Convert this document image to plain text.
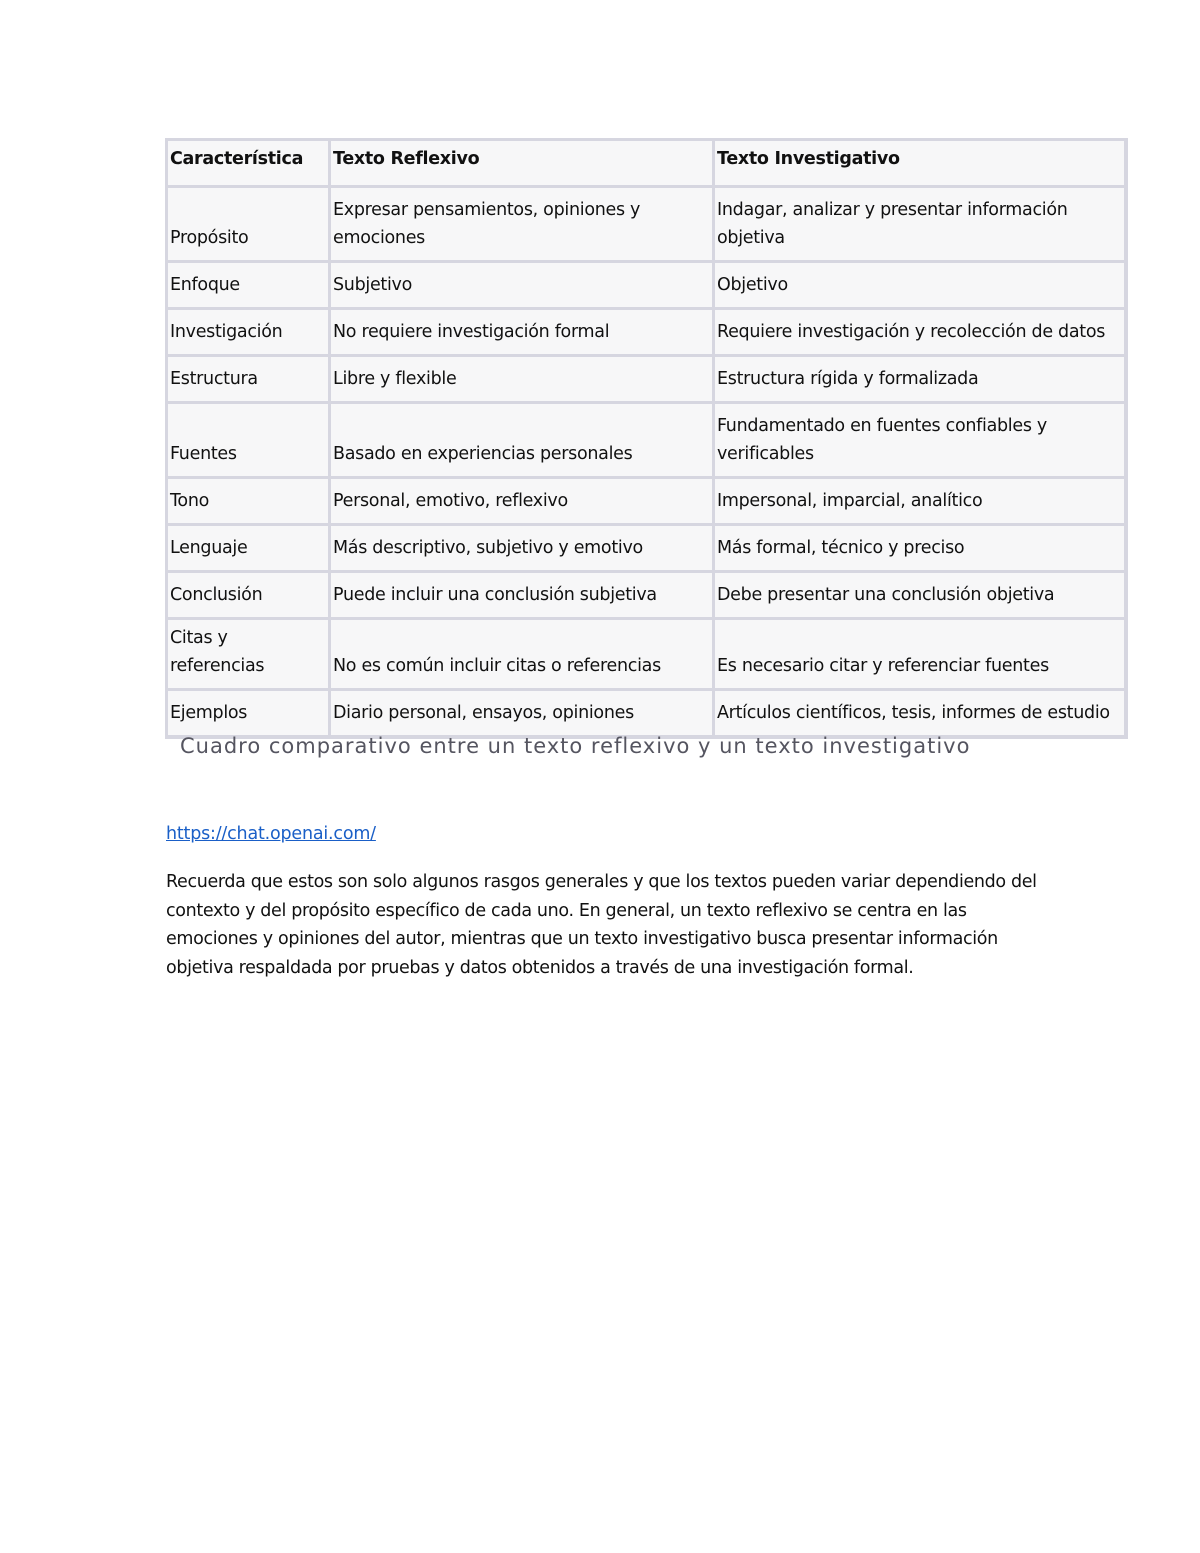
Característica	Texto Reflexivo	Texto Investigativo
Propósito	Expresar pensamientos, opiniones y emociones	Indagar, analizar y presentar información objetiva
Enfoque	Subjetivo	Objetivo
Investigación	No requiere investigación formal	Requiere investigación y recolección de datos
Estructura	Libre y flexible	Estructura rígida y formalizada
Fuentes	Basado en experiencias personales	Fundamentado en fuentes confiables y verificables
Tono	Personal, emotivo, reflexivo	Impersonal, imparcial, analítico
Lenguaje	Más descriptivo, subjetivo y emotivo	Más formal, técnico y preciso
Conclusión	Puede incluir una conclusión subjetiva	Debe presentar una conclusión objetiva
Citas y referencias	No es común incluir citas o referencias	Es necesario citar y referenciar fuentes
Ejemplos	Diario personal, ensayos, opiniones	Artículos científicos, tesis, informes de estudio
Cuadro comparativo entre un texto reflexivo y un texto investigativo
https://chat.openai.com/
Recuerda que estos son solo algunos rasgos generales y que los textos pueden variar dependiendo del contexto y del propósito específico de cada uno. En general, un texto reflexivo se centra en las emociones y opiniones del autor, mientras que un texto investigativo busca presentar información objetiva respaldada por pruebas y datos obtenidos a través de una investigación formal.
